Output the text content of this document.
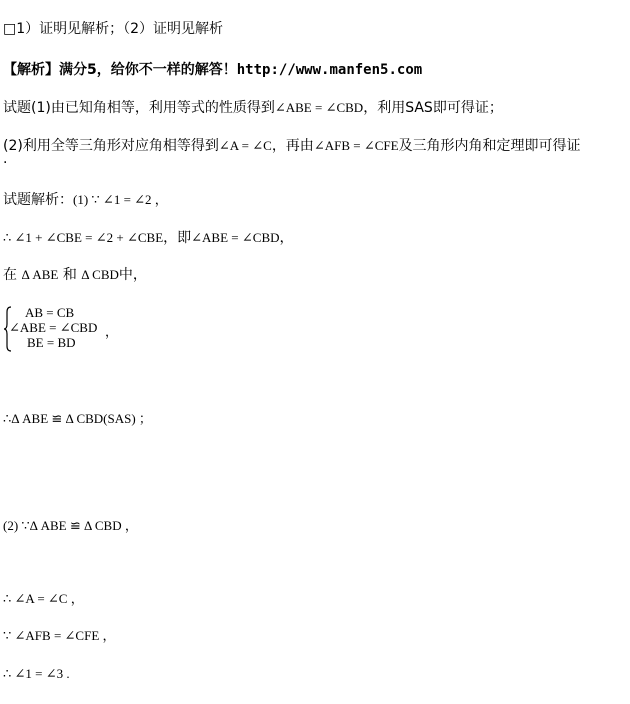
□1）证明见解析；（2）证明见解析
【解析】满分5，给你不一样的解答！http://www.manfen5.com
试题(1)由已知角相等，利用等式的性质得到∠ABE = ∠CBD，利用SAS即可得证；
(2)利用全等三角形对应角相等得到∠A = ∠C，再由∠AFB = ∠CFE及三角形内角和定理即可得证
.
试题解析：(1) ∵ ∠1 = ∠2 ，
∴ ∠1 + ∠CBE = ∠2 + ∠CBE，即∠ABE = ∠CBD，
在 Δ ABE 和 Δ CBD中，
AB = CB
∠ABE = ∠CBD
BE = BD
，
∴Δ ABE ≌ Δ CBD(SAS) ；
(2) ∵Δ ABE ≌ Δ CBD ，
∴ ∠A = ∠C ，
∵ ∠AFB = ∠CFE ，
∴ ∠1 = ∠3 .
